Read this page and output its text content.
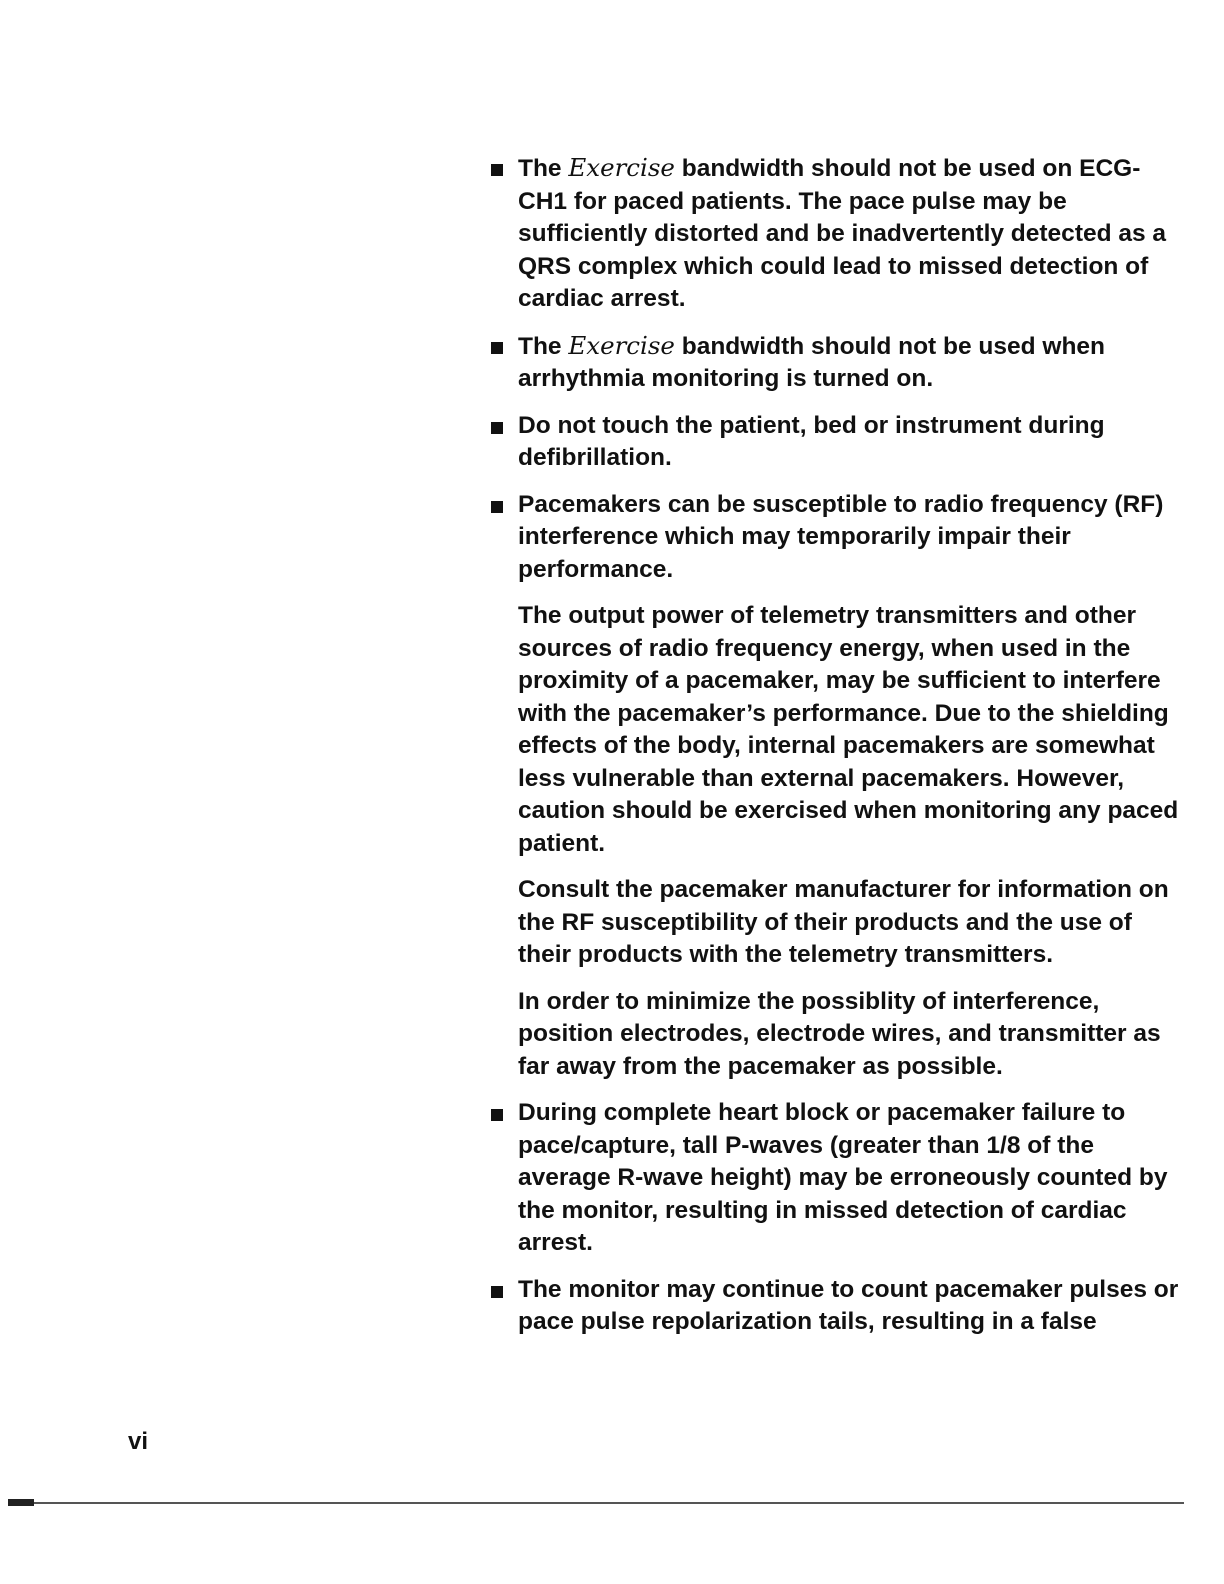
The Exercise bandwidth should not be used on ECG-CH1 for paced patients. The pace pulse may be sufficiently distorted and be inadvertently detected as a QRS complex which could lead to missed detection of cardiac arrest.
The Exercise bandwidth should not be used when arrhythmia monitoring is turned on.
Do not touch the patient, bed or instrument during defibrillation.
Pacemakers can be susceptible to radio frequency (RF) interference which may temporarily impair their performance.
The output power of telemetry transmitters and other sources of radio frequency energy, when used in the proximity of a pacemaker, may be sufficient to interfere with the pacemaker’s performance. Due to the shielding effects of the body, internal pacemakers are somewhat less vulnerable than external pacemakers. However, caution should be exercised when monitoring any paced patient.
Consult the pacemaker manufacturer for information on the RF susceptibility of their products and the use of their products with the telemetry transmitters.
In order to minimize the possiblity of interference, position electrodes, electrode wires, and transmitter as far away from the pacemaker as possible.
During complete heart block or pacemaker failure to pace/capture, tall P-waves (greater than 1/8 of the average R-wave height) may be erroneously counted by the monitor, resulting in missed detection of cardiac arrest.
The monitor may continue to count pacemaker pulses or pace pulse repolarization tails, resulting in a false
vi
